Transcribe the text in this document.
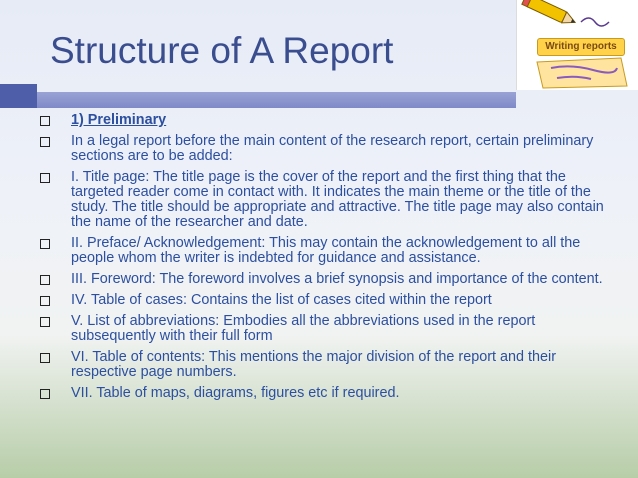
Structure of A Report	Writing reports
1) Preliminary
In a legal report before the main content of the research report, certain preliminary sections are to be added:
I. Title page: The title page is the cover of the report and the first thing that the targeted reader come in contact with. It indicates the main theme or the title of the study. The title should be appropriate and attractive. The title page may also contain the name of the researcher and date.
II. Preface/ Acknowledgement: This may contain the acknowledgement to all the people whom the writer is indebted for guidance and assistance.
III. Foreword: The foreword involves a brief synopsis and importance of the content.
IV. Table of cases: Contains the list of cases cited within the report
V. List of abbreviations: Embodies all the abbreviations used in the report subsequently with their full form
VI. Table of contents: This mentions the major division of the report and their respective page numbers.
VII. Table of maps, diagrams, figures etc if required.
